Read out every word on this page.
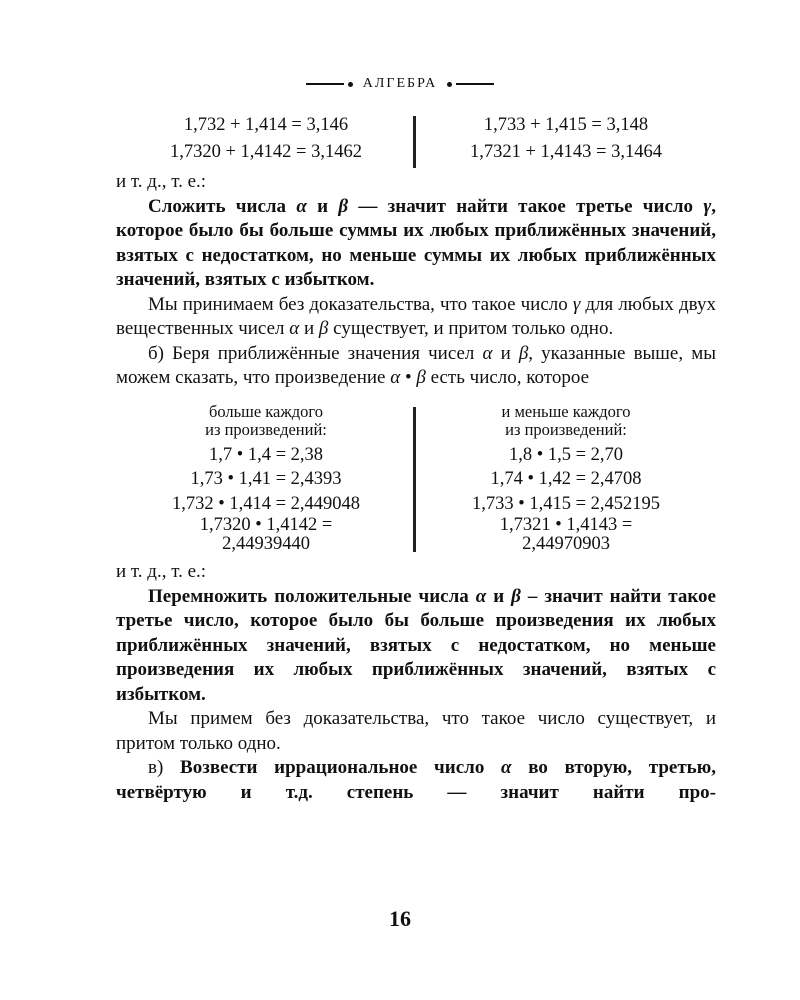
АЛГЕБРА
1,732 + 1,414 = 3,146
1,7320 + 1,4142 = 3,1462
1,733 + 1,415 = 3,148
1,7321 + 1,4143 = 3,1464

и т. д., т. е.:

Сложить числа α и β — значит найти такое третье число γ, которое было бы больше суммы их любых приближённых значений, взятых с недостатком, но меньше суммы их любых приближённых значений, взятых с избытком.

Мы принимаем без доказательства, что такое число γ для любых двух вещественных чисел α и β существует, и притом только одно.

б) Беря приближённые значения чисел α и β, указанные выше, мы можем сказать, что произведение α • β есть число, которое

больше каждого
из произведений:
1,7 • 1,4 = 2,38
1,73 • 1,41 = 2,4393
1,732 • 1,414 = 2,449048
1,7320 • 1,4142 =
2,44939440
и меньше каждого
из произведений:
1,8 • 1,5 = 2,70
1,74 • 1,42 = 2,4708
1,733 • 1,415 = 2,452195
1,7321 • 1,4143 =
2,44970903

и т. д., т. е.:

Перемножить положительные числа α и β – значит найти такое третье число, которое было бы больше произведения их любых приближённых значений, взятых с недостатком, но меньше произведения их любых приближённых значений, взятых с избытком.

Мы примем без доказательства, что такое число существует, и притом только одно.

в) Возвести иррациональное число α во вторую, третью, четвёртую и т.д. степень — значит найти про-

16
